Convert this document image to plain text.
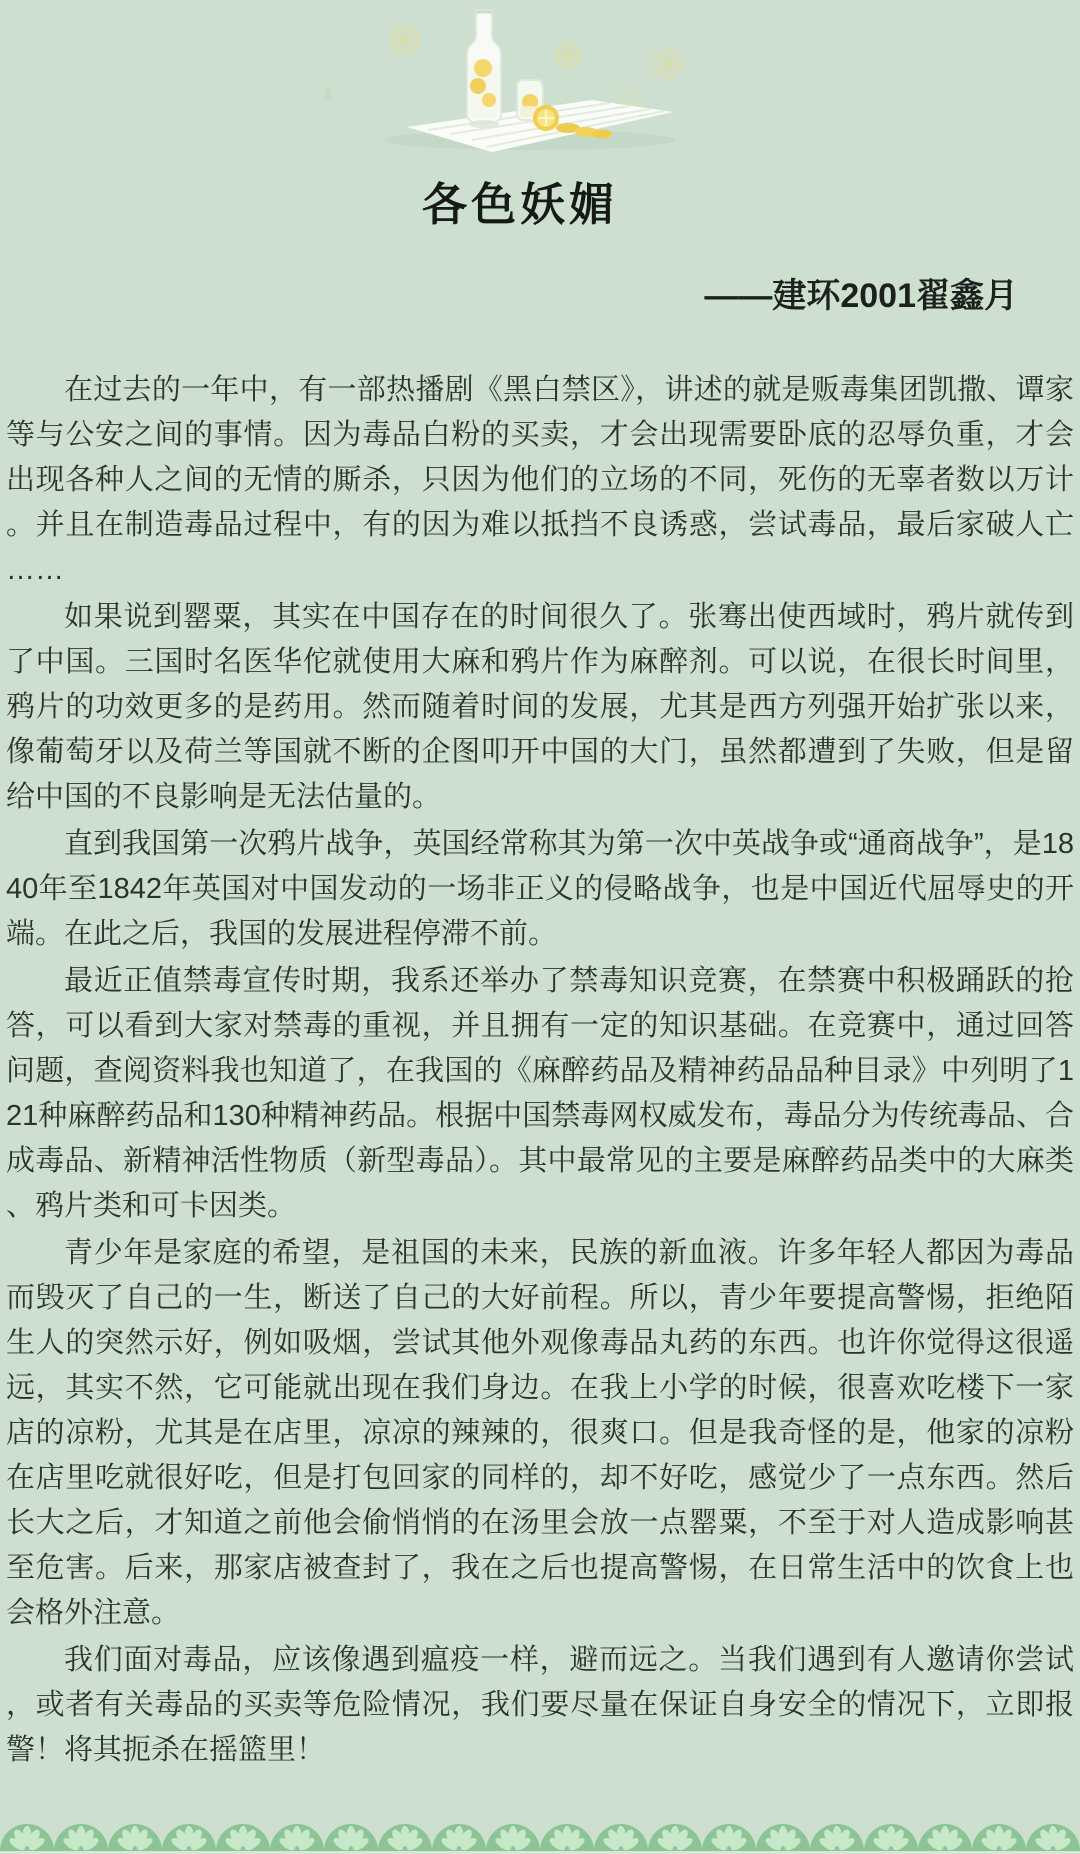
各色妖媚
——建环2001翟鑫月

在过去的一年中，有一部热播剧《黑白禁区》，讲述的就是贩毒集团凯撒、谭家等与公安之间的事情。因为毒品白粉的买卖，才会出现需要卧底的忍辱负重，才会出现各种人之间的无情的厮杀，只因为他们的立场的不同，死伤的无辜者数以万计。并且在制造毒品过程中，有的因为难以抵挡不良诱惑，尝试毒品，最后家破人亡……

如果说到罂粟，其实在中国存在的时间很久了。张骞出使西域时，鸦片就传到了中国。三国时名医华佗就使用大麻和鸦片作为麻醉剂。可以说，在很长时间里，鸦片的功效更多的是药用。然而随着时间的发展，尤其是西方列强开始扩张以来，像葡萄牙以及荷兰等国就不断的企图叩开中国的大门，虽然都遭到了失败，但是留给中国的不良影响是无法估量的。

直到我国第一次鸦片战争，英国经常称其为第一次中英战争或“通商战争”，是1840年至1842年英国对中国发动的一场非正义的侵略战争，也是中国近代屈辱史的开端。在此之后，我国的发展进程停滞不前。

最近正值禁毒宣传时期，我系还举办了禁毒知识竞赛，在禁赛中积极踊跃的抢答，可以看到大家对禁毒的重视，并且拥有一定的知识基础。在竞赛中，通过回答问题，查阅资料我也知道了，在我国的《麻醉药品及精神药品品种目录》中列明了121种麻醉药品和130种精神药品。根据中国禁毒网权威发布，毒品分为传统毒品、合成毒品、新精神活性物质（新型毒品）。其中最常见的主要是麻醉药品类中的大麻类、鸦片类和可卡因类。

青少年是家庭的希望，是祖国的未来，民族的新血液。许多年轻人都因为毒品而毁灭了自己的一生，断送了自己的大好前程。所以，青少年要提高警惕，拒绝陌生人的突然示好，例如吸烟，尝试其他外观像毒品丸药的东西。也许你觉得这很遥远，其实不然，它可能就出现在我们身边。在我上小学的时候，很喜欢吃楼下一家店的凉粉，尤其是在店里，凉凉的辣辣的，很爽口。但是我奇怪的是，他家的凉粉在店里吃就很好吃，但是打包回家的同样的，却不好吃，感觉少了一点东西。然后长大之后，才知道之前他会偷悄悄的在汤里会放一点罂粟，不至于对人造成影响甚至危害。后来，那家店被查封了，我在之后也提高警惕，在日常生活中的饮食上也会格外注意。

我们面对毒品，应该像遇到瘟疫一样，避而远之。当我们遇到有人邀请你尝试，或者有关毒品的买卖等危险情况，我们要尽量在保证自身安全的情况下，立即报警！将其扼杀在摇篮里！
